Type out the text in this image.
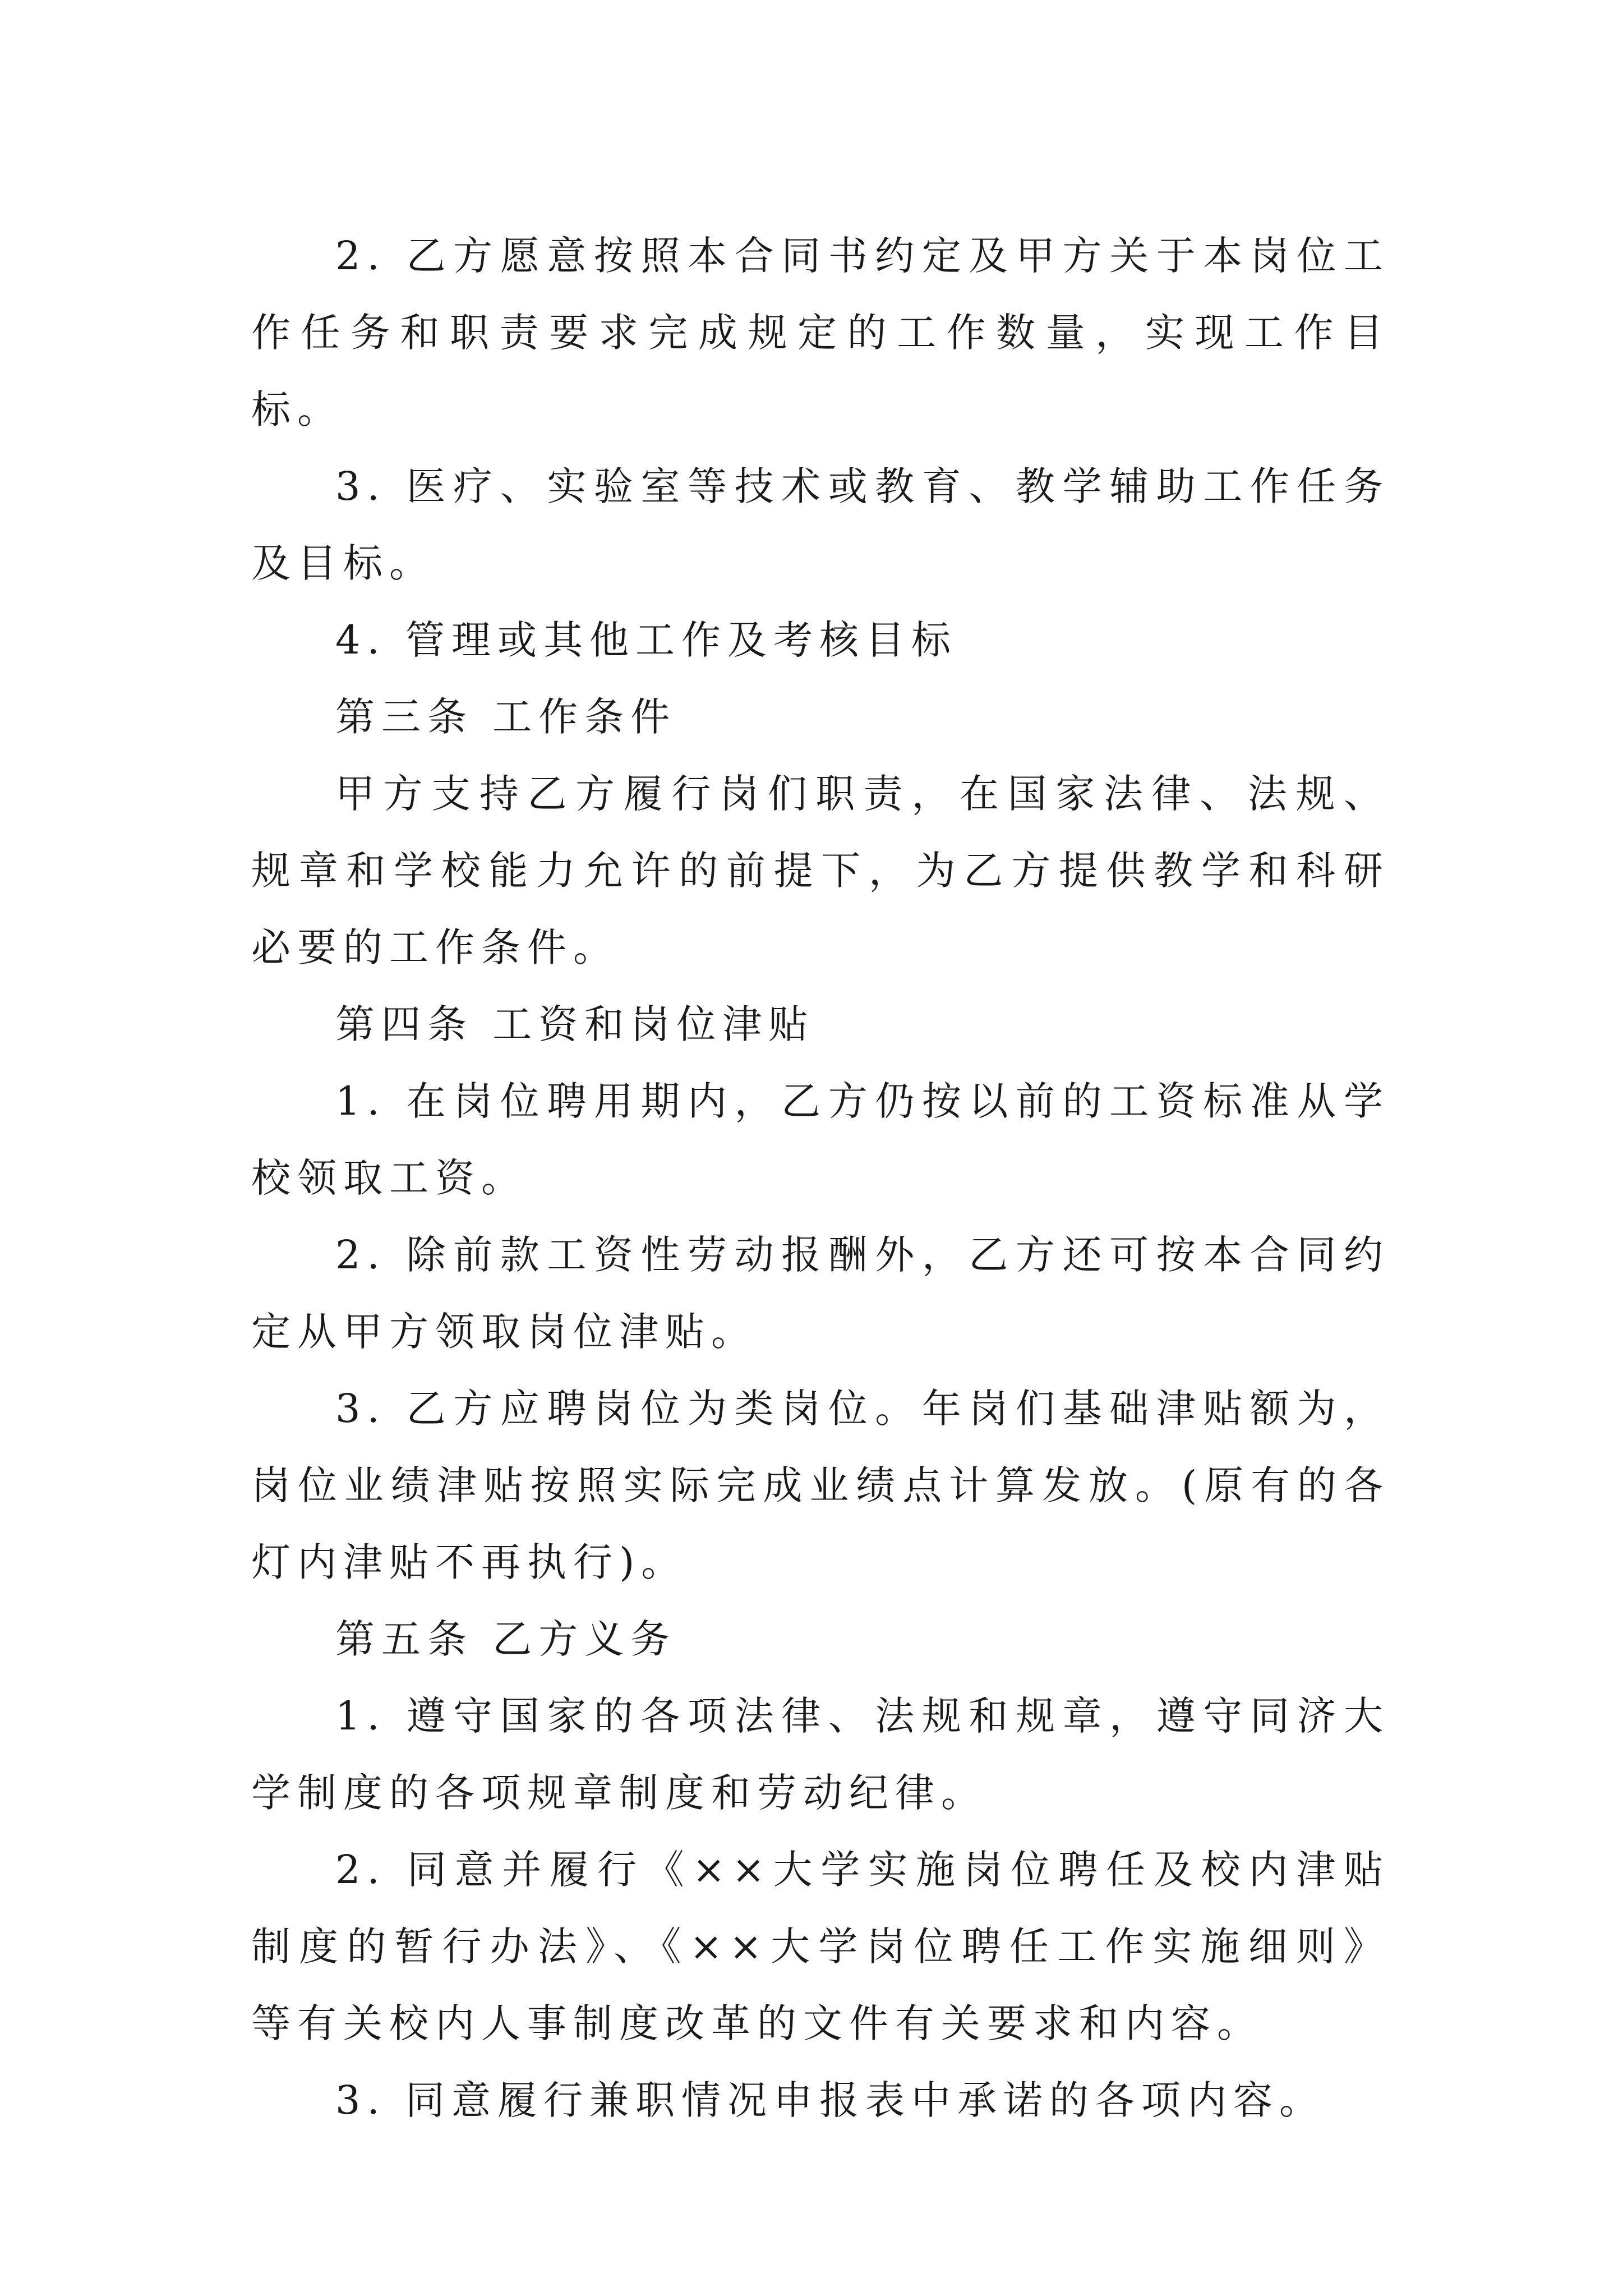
2. 乙方愿意按照本合同书约定及甲方关于本岗位工作任务和职责要求完成规定的工作数量，实现工作目标。

3. 医疗、实验室等技术或教育、教学辅助工作任务及目标。

4. 管理或其他工作及考核目标

第三条 工作条件

甲方支持乙方履行岗们职责，在国家法律、法规、规章和学校能力允许的前提下，为乙方提供教学和科研必要的工作条件。

第四条 工资和岗位津贴

1. 在岗位聘用期内，乙方仍按以前的工资标准从学校领取工资。

2. 除前款工资性劳动报酬外，乙方还可按本合同约定从甲方领取岗位津贴。

3. 乙方应聘岗位为类岗位。年岗们基础津贴额为，岗位业绩津贴按照实际完成业绩点计算发放。(原有的各灯内津贴不再执行)。

第五条 乙方义务

1. 遵守国家的各项法律、法规和规章，遵守同济大学制度的各项规章制度和劳动纪律。

2. 同意并履行《××大学实施岗位聘任及校内津贴制度的暂行办法》、《××大学岗位聘任工作实施细则》等有关校内人事制度改革的文件有关要求和内容。

3. 同意履行兼职情况申报表中承诺的各项内容。
